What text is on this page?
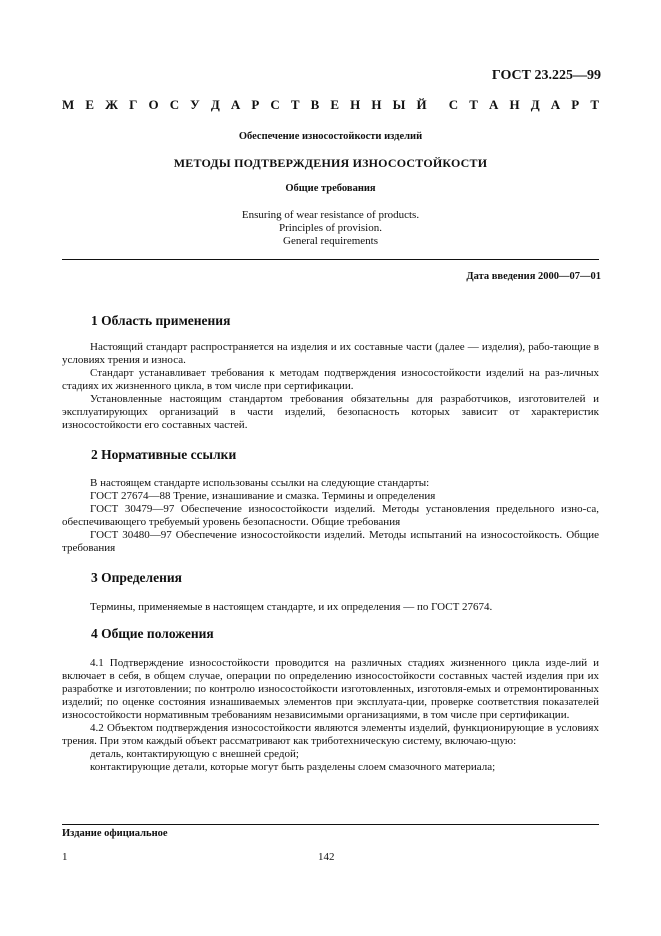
ГОСТ 23.225—99
М Е Ж Г О С У Д А Р С Т В Е Н Н Ы Й С Т А Н Д А Р Т
Обеспечение износостойкости изделий
МЕТОДЫ ПОДТВЕРЖДЕНИЯ ИЗНОСОСТОЙКОСТИ
Общие требования
Ensuring of wear resistance of products.
Principles of provision.
General requirements
Дата введения 2000—07—01
1 Область применения

Настоящий стандарт распространяется на изделия и их составные части (далее — изделия), рабо-тающие в условиях трения и износа.

Стандарт устанавливает требования к методам подтверждения износостойкости изделий на раз-личных стадиях их жизненного цикла, в том числе при сертификации.

Установленные настоящим стандартом требования обязательны для разработчиков, изготовителей и эксплуатирующих организаций в части изделий, безопасность которых зависит от характеристик износостойкости его составных частей.

2 Нормативные ссылки

В настоящем стандарте использованы ссылки на следующие стандарты:

ГОСТ 27674—88 Трение, изнашивание и смазка. Термины и определения

ГОСТ 30479—97 Обеспечение износостойкости изделий. Методы установления предельного изно-са, обеспечивающего требуемый уровень безопасности. Общие требования

ГОСТ 30480—97 Обеспечение износостойкости изделий. Методы испытаний на износостойкость. Общие требования

3 Определения

Термины, применяемые в настоящем стандарте, и их определения — по ГОСТ 27674.

4 Общие положения

4.1 Подтверждение износостойкости проводится на различных стадиях жизненного цикла изде-лий и включает в себя, в общем случае, операции по определению износостойкости составных частей изделия при их разработке и изготовлении; по контролю износостойкости изготовленных, изготовля-емых и отремонтированных изделий; по оценке состояния изнашиваемых элементов при эксплуата-ции, проверке соответствия показателей износостойкости нормативным требованиям независимыми организациями, в том числе при сертификации.

4.2 Объектом подтверждения износостойкости являются элементы изделий, функционирующие в условиях трения. При этом каждый объект рассматривают как триботехническую систему, включаю-щую:

деталь, контактирующую с внешней средой;

контактирующие детали, которые могут быть разделены слоем смазочного материала;

Издание официальное
1	142
